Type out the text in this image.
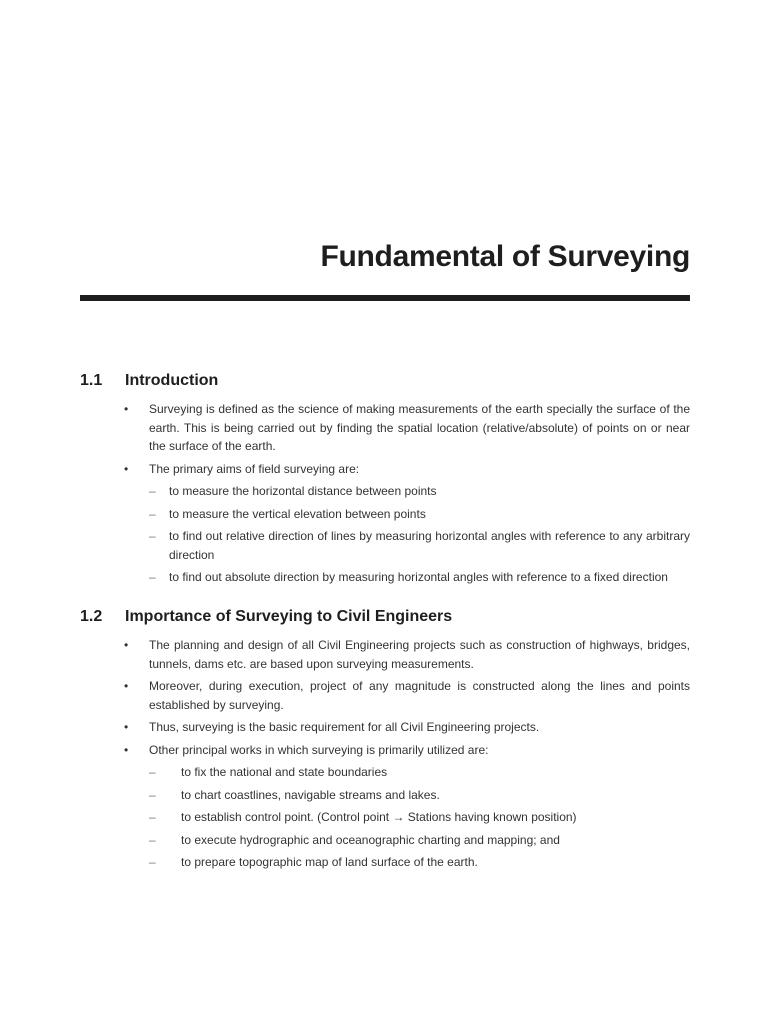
Fundamental of Surveying
1.1	Introduction
• Surveying is defined as the science of making measurements of the earth specially the surface of the earth. This is being carried out by finding the spatial location (relative/absolute) of points on or near the surface of the earth.
• The primary aims of field surveying are:
– to measure the horizontal distance between points
– to measure the vertical elevation between points
– to find out relative direction of lines by measuring horizontal angles with reference to any arbitrary direction
– to find out absolute direction by measuring horizontal angles with reference to a fixed direction
1.2	Importance of Surveying to Civil Engineers
• The planning and design of all Civil Engineering projects such as construction of highways, bridges, tunnels, dams etc. are based upon surveying measurements.
• Moreover, during execution, project of any magnitude is constructed along the lines and points established by surveying.
• Thus, surveying is the basic requirement for all Civil Engineering projects.
• Other principal works in which surveying is primarily utilized are:
– to fix the national and state boundaries
– to chart coastlines, navigable streams and lakes.
– to establish control point. (Control point → Stations having known position)
– to execute hydrographic and oceanographic charting and mapping; and
– to prepare topographic map of land surface of the earth.
